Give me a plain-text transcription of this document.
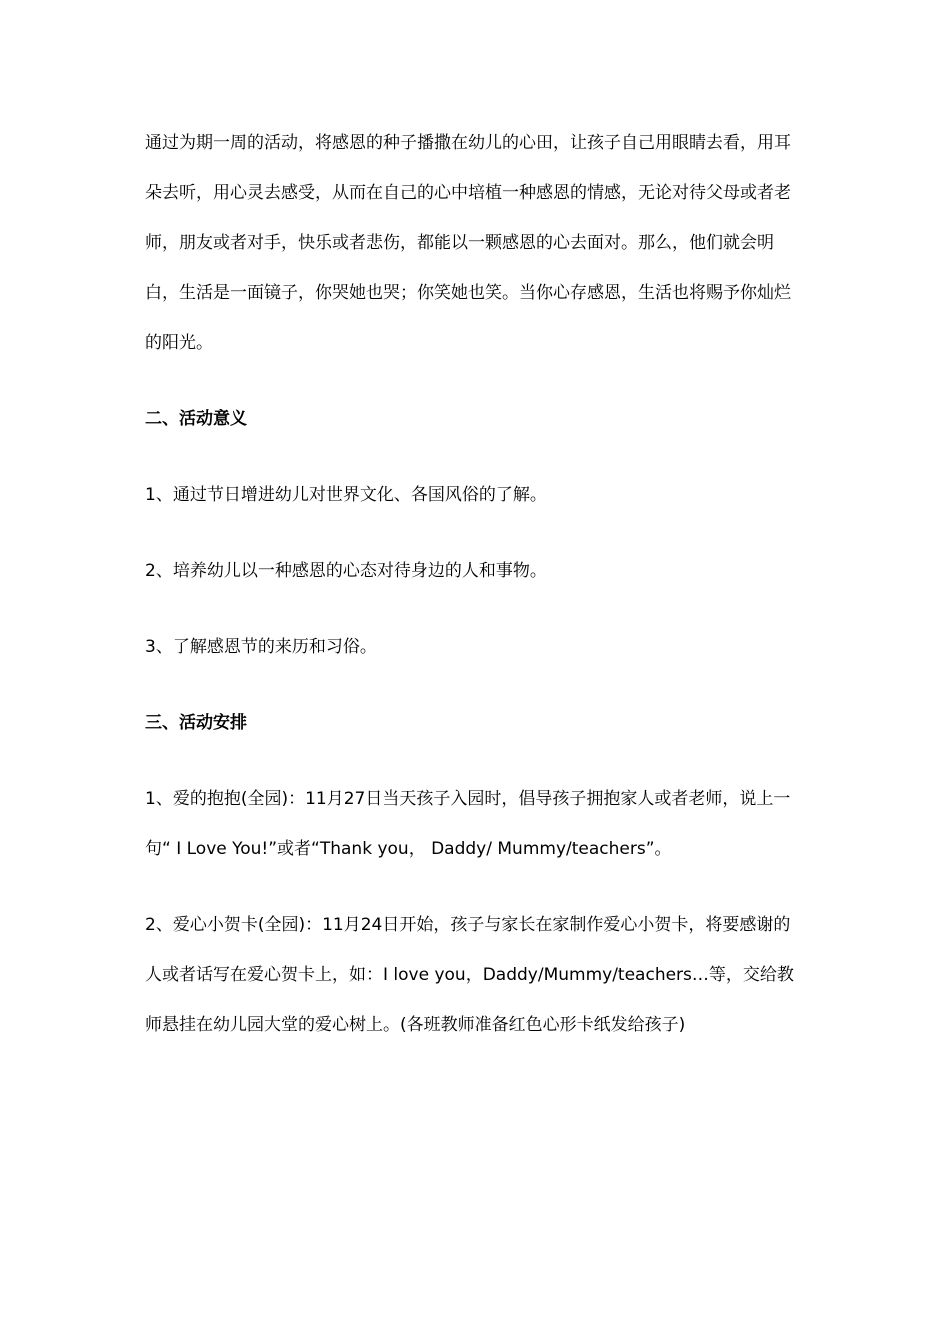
通过为期一周的活动，将感恩的种子播撒在幼儿的心田，让孩子自己用眼睛去看，用耳朵去听，用心灵去感受，从而在自己的心中培植一种感恩的情感，无论对待父母或者老师，朋友或者对手，快乐或者悲伤，都能以一颗感恩的心去面对。那么，他们就会明白，生活是一面镜子，你哭她也哭；你笑她也笑。当你心存感恩，生活也将赐予你灿烂的阳光。

二、活动意义
1、通过节日增进幼儿对世界文化、各国风俗的了解。
2、培养幼儿以一种感恩的心态对待身边的人和事物。
3、了解感恩节的来历和习俗。
三、活动安排
1、爱的抱抱(全园)：11月27日当天孩子入园时，倡导孩子拥抱家人或者老师，说上一句“ I Love You!”或者“Thank you， Daddy/ Mummy/teachers”。
2、爱心小贺卡(全园)：11月24日开始，孩子与家长在家制作爱心小贺卡，将要感谢的人或者话写在爱心贺卡上，如：I love you，Daddy/Mummy/teachers…等，交给教师悬挂在幼儿园大堂的爱心树上。(各班教师准备红色心形卡纸发给孩子)
